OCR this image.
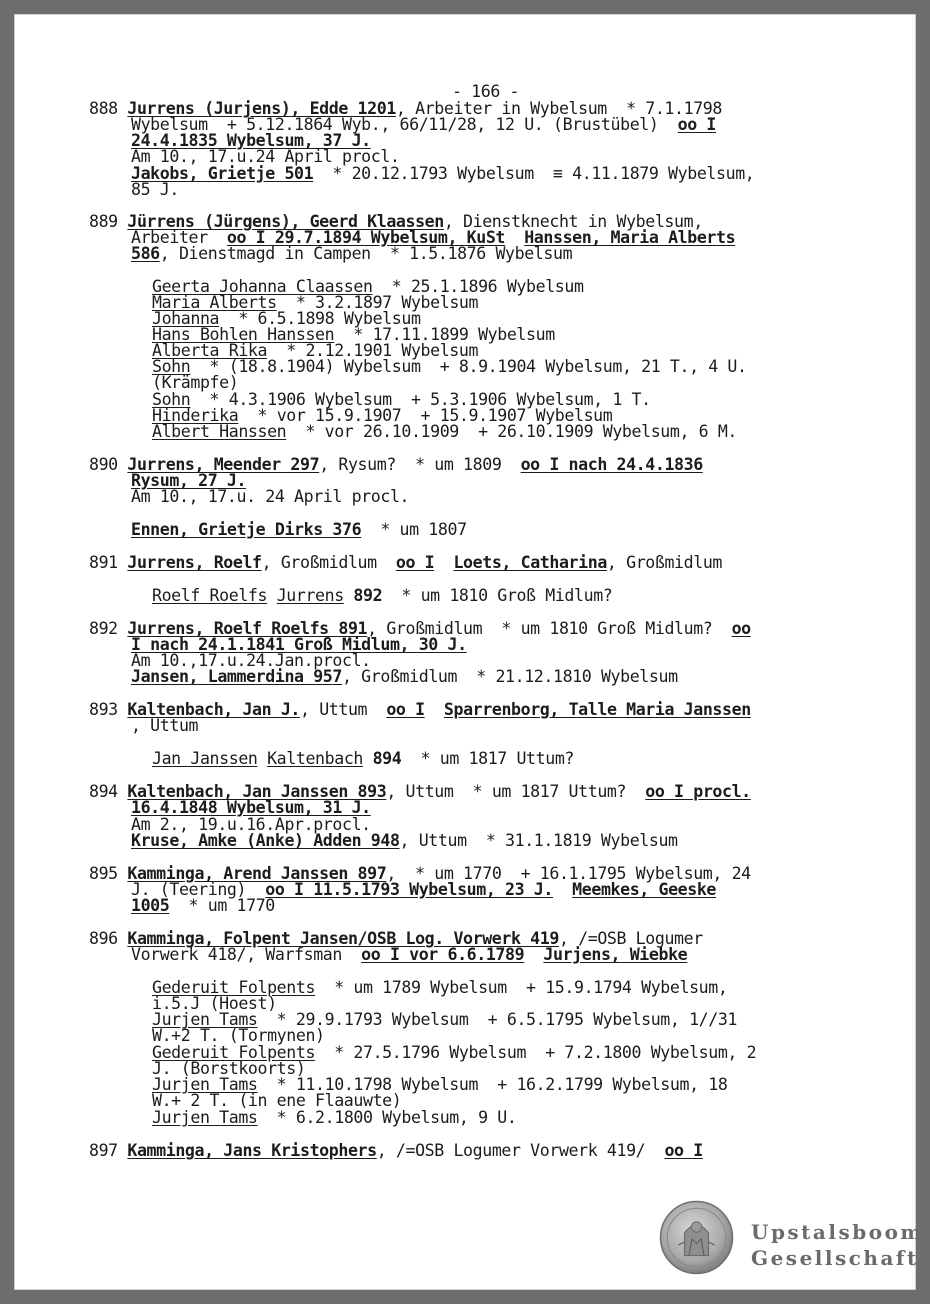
- 166 -
888 Jurrens (Jurjens), Edde 1201, Arbeiter in Wybelsum  * 7.1.1798
Wybelsum  + 5.12.1864 Wyb., 66/11/28, 12 U. (Brustübel)  oo I
24.4.1835 Wybelsum, 37 J.
Am 10., 17.u.24 April procl.
Jakobs, Grietje 501  * 20.12.1793 Wybelsum  ≡ 4.11.1879 Wybelsum,
85 J.
889 Jürrens (Jürgens), Geerd Klaassen, Dienstknecht in Wybelsum,
Arbeiter  oo I 29.7.1894 Wybelsum, KuSt Hanssen, Maria Alberts
586, Dienstmagd in Campen  * 1.5.1876 Wybelsum
Geerta Johanna Claassen  * 25.1.1896 Wybelsum
Maria Alberts  * 3.2.1897 Wybelsum
Johanna  * 6.5.1898 Wybelsum
Hans Bohlen Hanssen  * 17.11.1899 Wybelsum
Alberta Rika  * 2.12.1901 Wybelsum
Sohn  * (18.8.1904) Wybelsum  + 8.9.1904 Wybelsum, 21 T., 4 U.
(Krämpfe)
Sohn  * 4.3.1906 Wybelsum  + 5.3.1906 Wybelsum, 1 T.
Hinderika  * vor 15.9.1907  + 15.9.1907 Wybelsum
Albert Hanssen  * vor 26.10.1909  + 26.10.1909 Wybelsum, 6 M.
890 Jurrens, Meender 297, Rysum?  * um 1809  oo I nach 24.4.1836
Rysum, 27 J.
Am 10., 17.u. 24 April procl.
Ennen, Grietje Dirks 376  * um 1807
891 Jurrens, Roelf, Großmidlum  oo I Loets, Catharina, Großmidlum
Roelf Roelfs Jurrens 892  * um 1810 Groß Midlum?
892 Jurrens, Roelf Roelfs 891, Großmidlum  * um 1810 Groß Midlum?  oo
I nach 24.1.1841 Groß Midlum, 30 J.
Am 10.,17.u.24.Jan.procl.
Jansen, Lammerdina 957, Großmidlum  * 21.12.1810 Wybelsum
893 Kaltenbach, Jan J., Uttum  oo I Sparrenborg, Talle Maria Janssen
, Uttum
Jan Janssen Kaltenbach 894  * um 1817 Uttum?
894 Kaltenbach, Jan Janssen 893, Uttum  * um 1817 Uttum?  oo I procl.
16.4.1848 Wybelsum, 31 J.
Am 2., 19.u.16.Apr.procl.
Kruse, Amke (Anke) Adden 948, Uttum  * 31.1.1819 Wybelsum
895 Kamminga, Arend Janssen 897,  * um 1770  + 16.1.1795 Wybelsum, 24
J. (Teering)  oo I 11.5.1793 Wybelsum, 23 J. Meemkes, Geeske
1005  * um 1770
896 Kamminga, Folpent Jansen/OSB Log. Vorwerk 419, /=OSB Logumer
Vorwerk 418/, Warfsman  oo I vor 6.6.1789 Jurjens, Wiebke
Gederuit Folpents  * um 1789 Wybelsum  + 15.9.1794 Wybelsum,
i.5.J (Hoest)
Jurjen Tams  * 29.9.1793 Wybelsum  + 6.5.1795 Wybelsum, 1//31
W.+2 T. (Tormynen)
Gederuit Folpents  * 27.5.1796 Wybelsum  + 7.2.1800 Wybelsum, 2
J. (Borstkoorts)
Jurjen Tams  * 11.10.1798 Wybelsum  + 16.2.1799 Wybelsum, 18
W.+ 2 T. (in ene Flaauwte)
Jurjen Tams  * 6.2.1800 Wybelsum, 9 U.
897 Kamminga, Jans Kristophers, /=OSB Logumer Vorwerk 419/  oo I
Upstalsboom
Gesellschaft
